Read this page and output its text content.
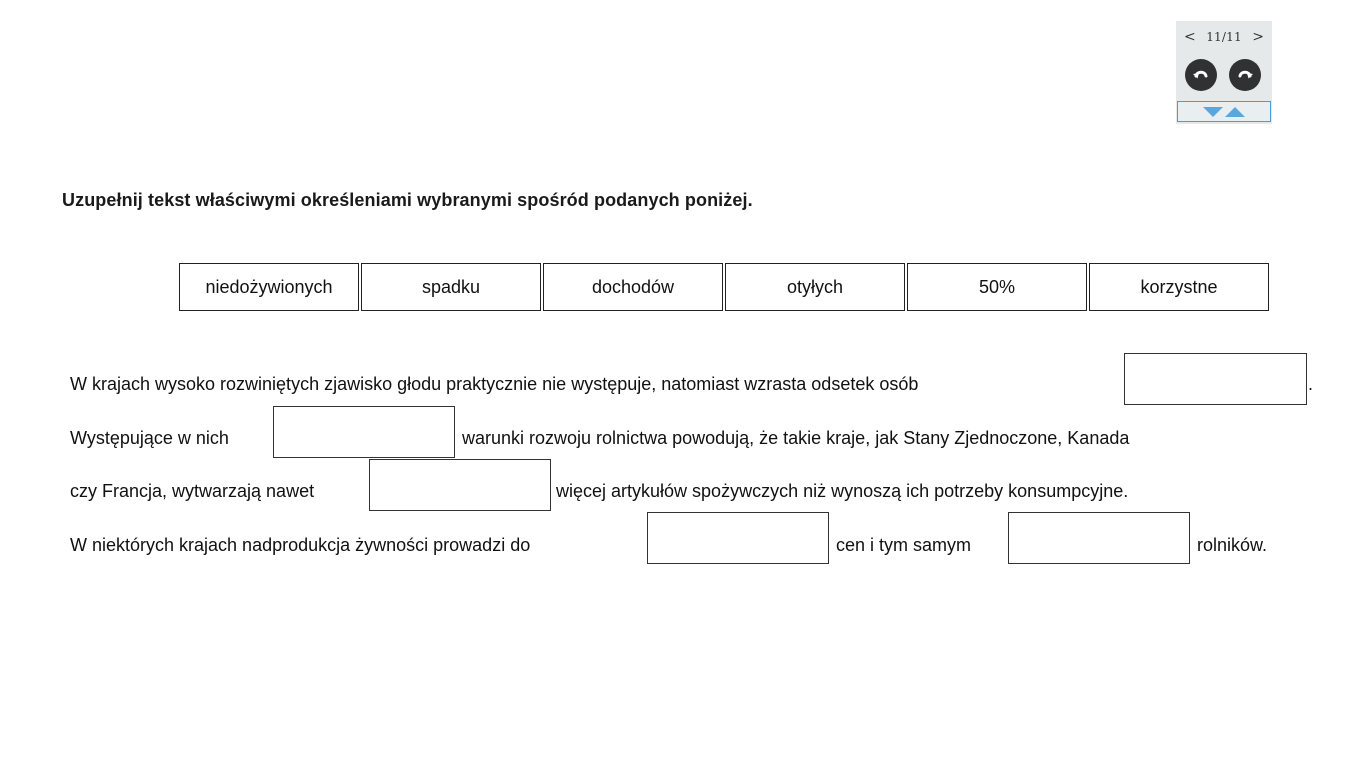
< 11/11 >
Uzupełnij tekst właściwymi określeniami wybranymi spośród podanych poniżej.
niedożywionych	spadku	dochodów	otyłych	50%	korzystne
W krajach wysoko rozwiniętych zjawisko głodu praktycznie nie występuje, natomiast wzrasta odsetek osób	.
Występujące w nich	warunki rozwoju rolnictwa powodują, że takie kraje, jak Stany Zjednoczone, Kanada
czy Francja, wytwarzają nawet	więcej artykułów spożywczych niż wynoszą ich potrzeby konsumpcyjne.
W niektórych krajach nadprodukcja żywności prowadzi do	cen i tym samym	rolników.
